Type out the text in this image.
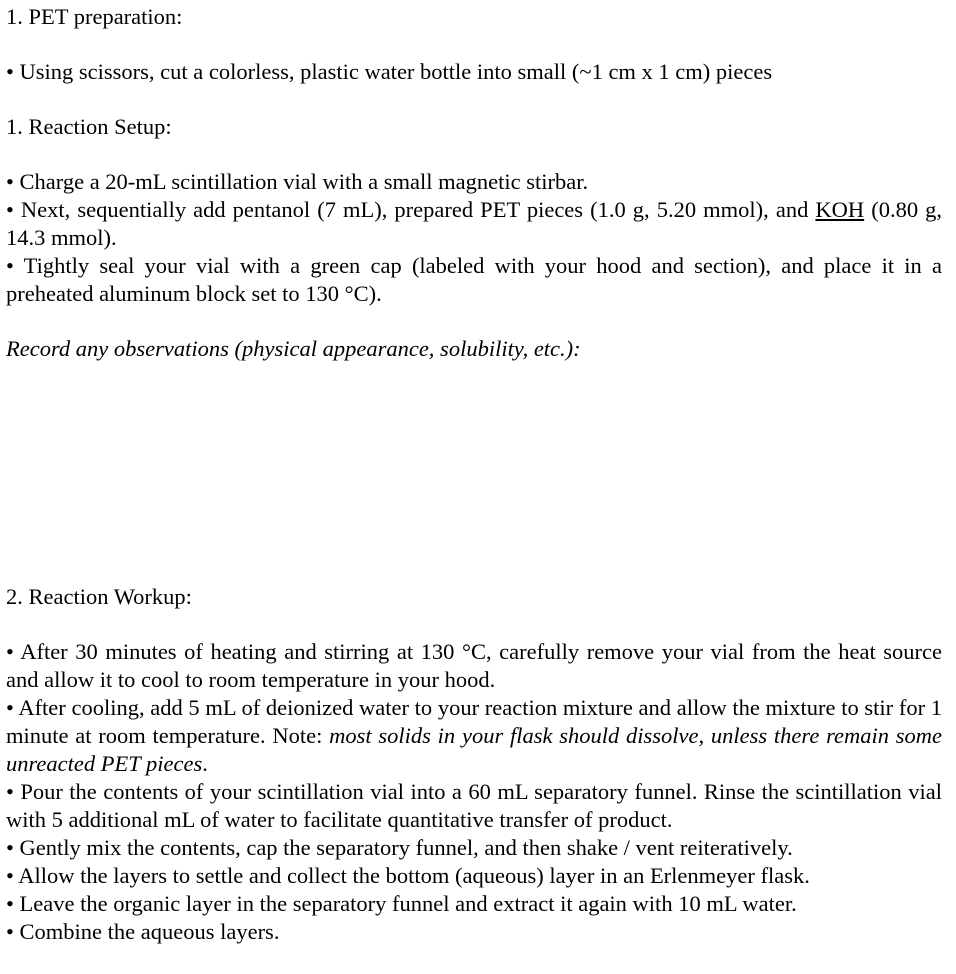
1. PET preparation:

• Using scissors, cut a colorless, plastic water bottle into small (~1 cm x 1 cm) pieces

1. Reaction Setup:

• Charge a 20-mL scintillation vial with a small magnetic stirbar.

• Next, sequentially add pentanol (7 mL), prepared PET pieces (1.0 g, 5.20 mmol), and KOH (0.80 g, 14.3 mmol).

• Tightly seal your vial with a green cap (labeled with your hood and section), and place it in a preheated aluminum block set to 130 °C).

Record any observations (physical appearance, solubility, etc.):

2. Reaction Workup:

• After 30 minutes of heating and stirring at 130 °C, carefully remove your vial from the heat source and allow it to cool to room temperature in your hood.

• After cooling, add 5 mL of deionized water to your reaction mixture and allow the mixture to stir for 1 minute at room temperature. Note: most solids in your flask should dissolve, unless there remain some unreacted PET pieces.

• Pour the contents of your scintillation vial into a 60 mL separatory funnel. Rinse the scintillation vial with 5 additional mL of water to facilitate quantitative transfer of product.

• Gently mix the contents, cap the separatory funnel, and then shake / vent reiteratively.

• Allow the layers to settle and collect the bottom (aqueous) layer in an Erlenmeyer flask.

• Leave the organic layer in the separatory funnel and extract it again with 10 mL water.

• Combine the aqueous layers.
